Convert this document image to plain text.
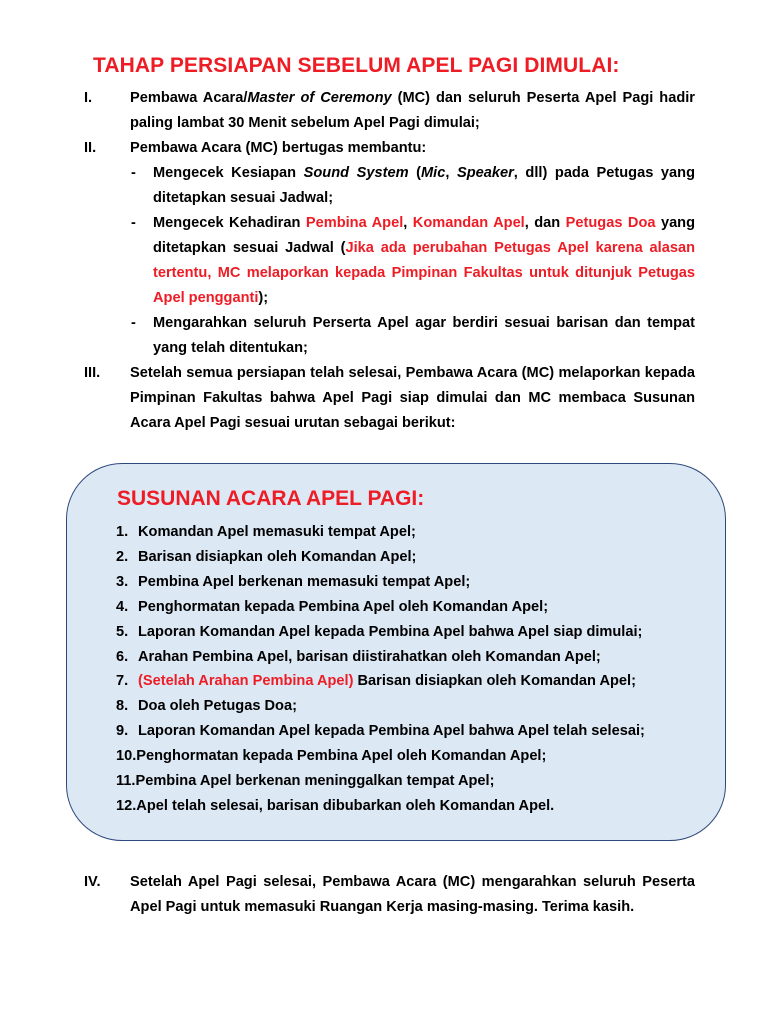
TAHAP PERSIAPAN SEBELUM APEL PAGI DIMULAI:
I.	Pembawa Acara/Master of Ceremony (MC) dan seluruh Peserta Apel Pagi hadir paling lambat 30 Menit sebelum Apel Pagi dimulai;
II.	Pembawa Acara (MC) bertugas membantu:
- Mengecek Kesiapan Sound System (Mic, Speaker, dll) pada Petugas yang ditetapkan sesuai Jadwal;
- Mengecek Kehadiran Pembina Apel, Komandan Apel, dan Petugas Doa yang ditetapkan sesuai Jadwal (Jika ada perubahan Petugas Apel karena alasan tertentu, MC melaporkan kepada Pimpinan Fakultas untuk ditunjuk Petugas Apel pengganti);
- Mengarahkan seluruh Perserta Apel agar berdiri sesuai barisan dan tempat yang telah ditentukan;
III.	Setelah semua persiapan telah selesai, Pembawa Acara (MC) melaporkan kepada Pimpinan Fakultas bahwa Apel Pagi siap dimulai dan MC membaca Susunan Acara Apel Pagi sesuai urutan sebagai berikut:
SUSUNAN ACARA APEL PAGI:
1. Komandan Apel memasuki tempat Apel;
2. Barisan disiapkan oleh Komandan Apel;
3. Pembina Apel berkenan memasuki tempat Apel;
4. Penghormatan kepada Pembina Apel oleh Komandan Apel;
5. Laporan Komandan Apel kepada Pembina Apel bahwa Apel siap dimulai;
6. Arahan Pembina Apel, barisan diistirahatkan oleh Komandan Apel;
7. (Setelah Arahan Pembina Apel) Barisan disiapkan oleh Komandan Apel;
8. Doa oleh Petugas Doa;
9. Laporan Komandan Apel kepada Pembina Apel bahwa Apel telah selesai;
10.Penghormatan kepada Pembina Apel oleh Komandan Apel;
11.Pembina Apel berkenan meninggalkan tempat Apel;
12.Apel telah selesai, barisan dibubarkan oleh Komandan Apel.
IV.	Setelah Apel Pagi selesai, Pembawa Acara (MC) mengarahkan seluruh Peserta Apel Pagi untuk memasuki Ruangan Kerja masing-masing. Terima kasih.
